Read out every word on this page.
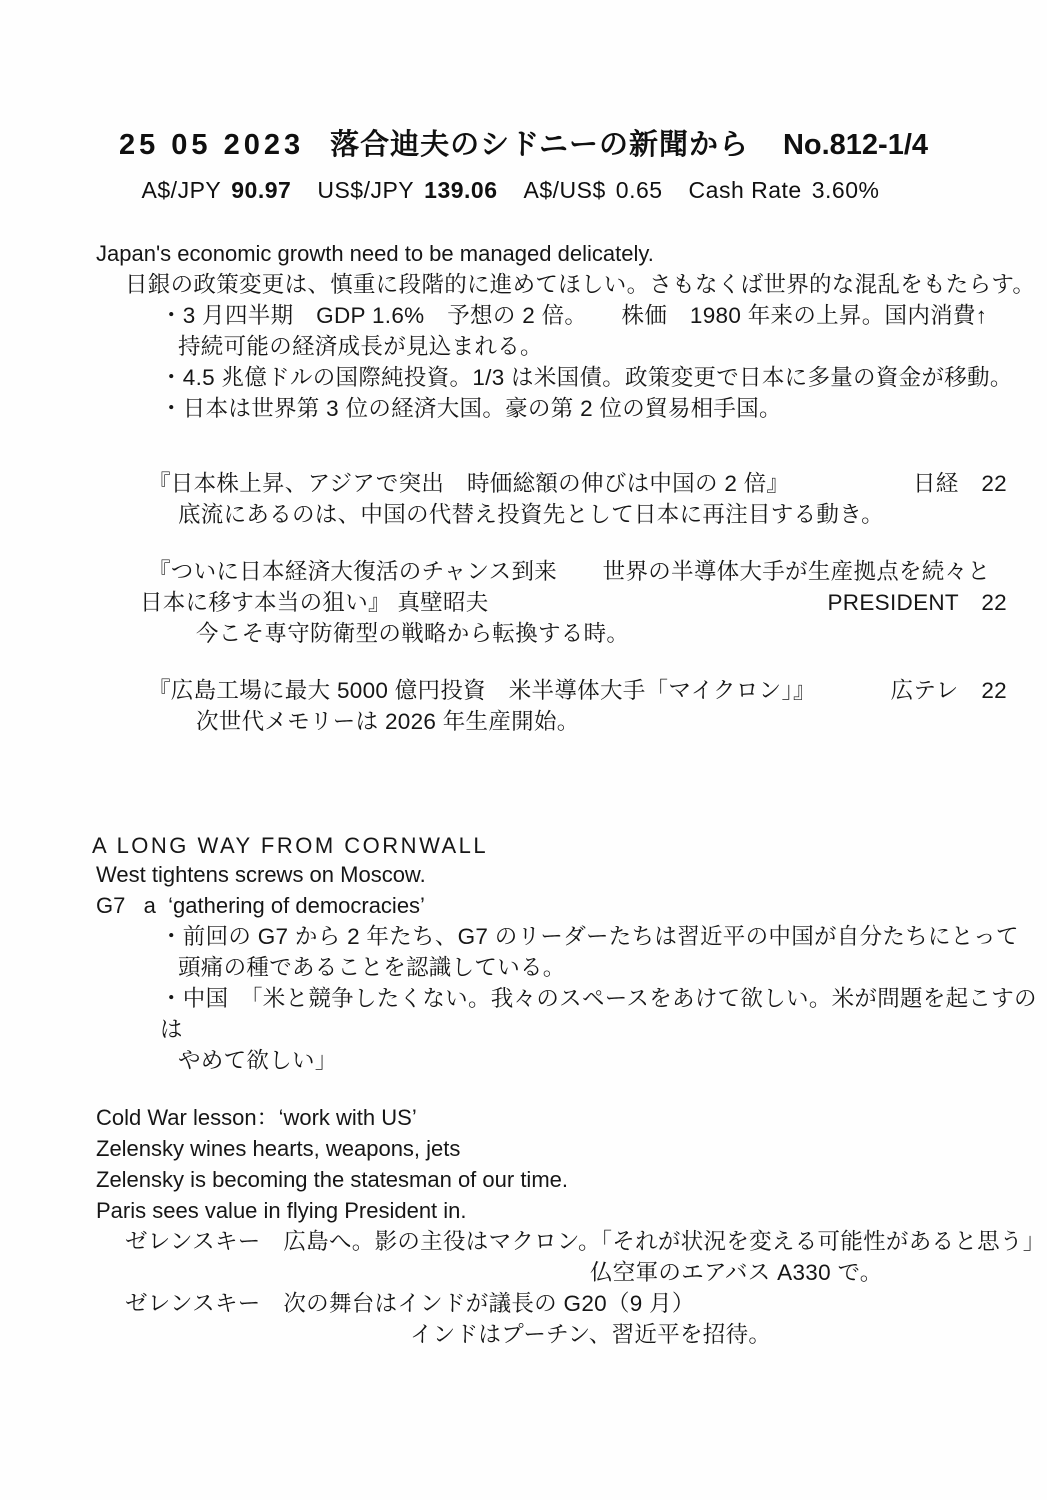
25 05 2023 落合迪夫のシドニーの新聞から No.812-1/4
A$/JPY 90.97 US$/JPY 139.06 A$/US$ 0.65 Cash Rate 3.60%
Japan's economic growth need to be managed delicately.
日銀の政策変更は、慎重に段階的に進めてほしい。さもなくば世界的な混乱をもたらす。
・3 月四半期　GDP 1.6%　予想の 2 倍。　　株価　1980 年来の上昇。国内消費↑
持続可能の経済成長が見込まれる。
・4.5 兆億ドルの国際純投資。1/3 は米国債。政策変更で日本に多量の資金が移動。
・日本は世界第 3 位の経済大国。豪の第 2 位の貿易相手国。
『日本株上昇、アジアで突出　時価総額の伸びは中国の 2 倍』	日経　22
底流にあるのは、中国の代替え投資先として日本に再注目する動き。
『ついに日本経済大復活のチャンス到来　　世界の半導体大手が生産拠点を続々と
日本に移す本当の狙い』 真壁昭夫	PRESIDENT　22
今こそ専守防衛型の戦略から転換する時。
『広島工場に最大 5000 億円投資　米半導体大手「マイクロン」』	広テレ　22
次世代メモリーは 2026 年生産開始。
A LONG WAY FROM CORNWALL
West tightens screws on Moscow.
G7   a  ‘gathering of democracies’
・前回の G7 から 2 年たち、G7 のリーダーたちは習近平の中国が自分たちにとって
頭痛の種であることを認識している。
・中国　「米と競争したくない。我々のスペースをあけて欲しい。米が問題を起こすのは
やめて欲しい」
Cold War lesson：‘work with US’
Zelensky wines hearts, weapons, jets
Zelensky is becoming the statesman of our time.
Paris sees value in flying President in.
ゼレンスキー　広島へ。影の主役はマクロン。「それが状況を変える可能性があると思う」
仏空軍のエアバス A330 で。
ゼレンスキー　次の舞台はインドが議長の G20（9 月）
インドはプーチン、習近平を招待。
